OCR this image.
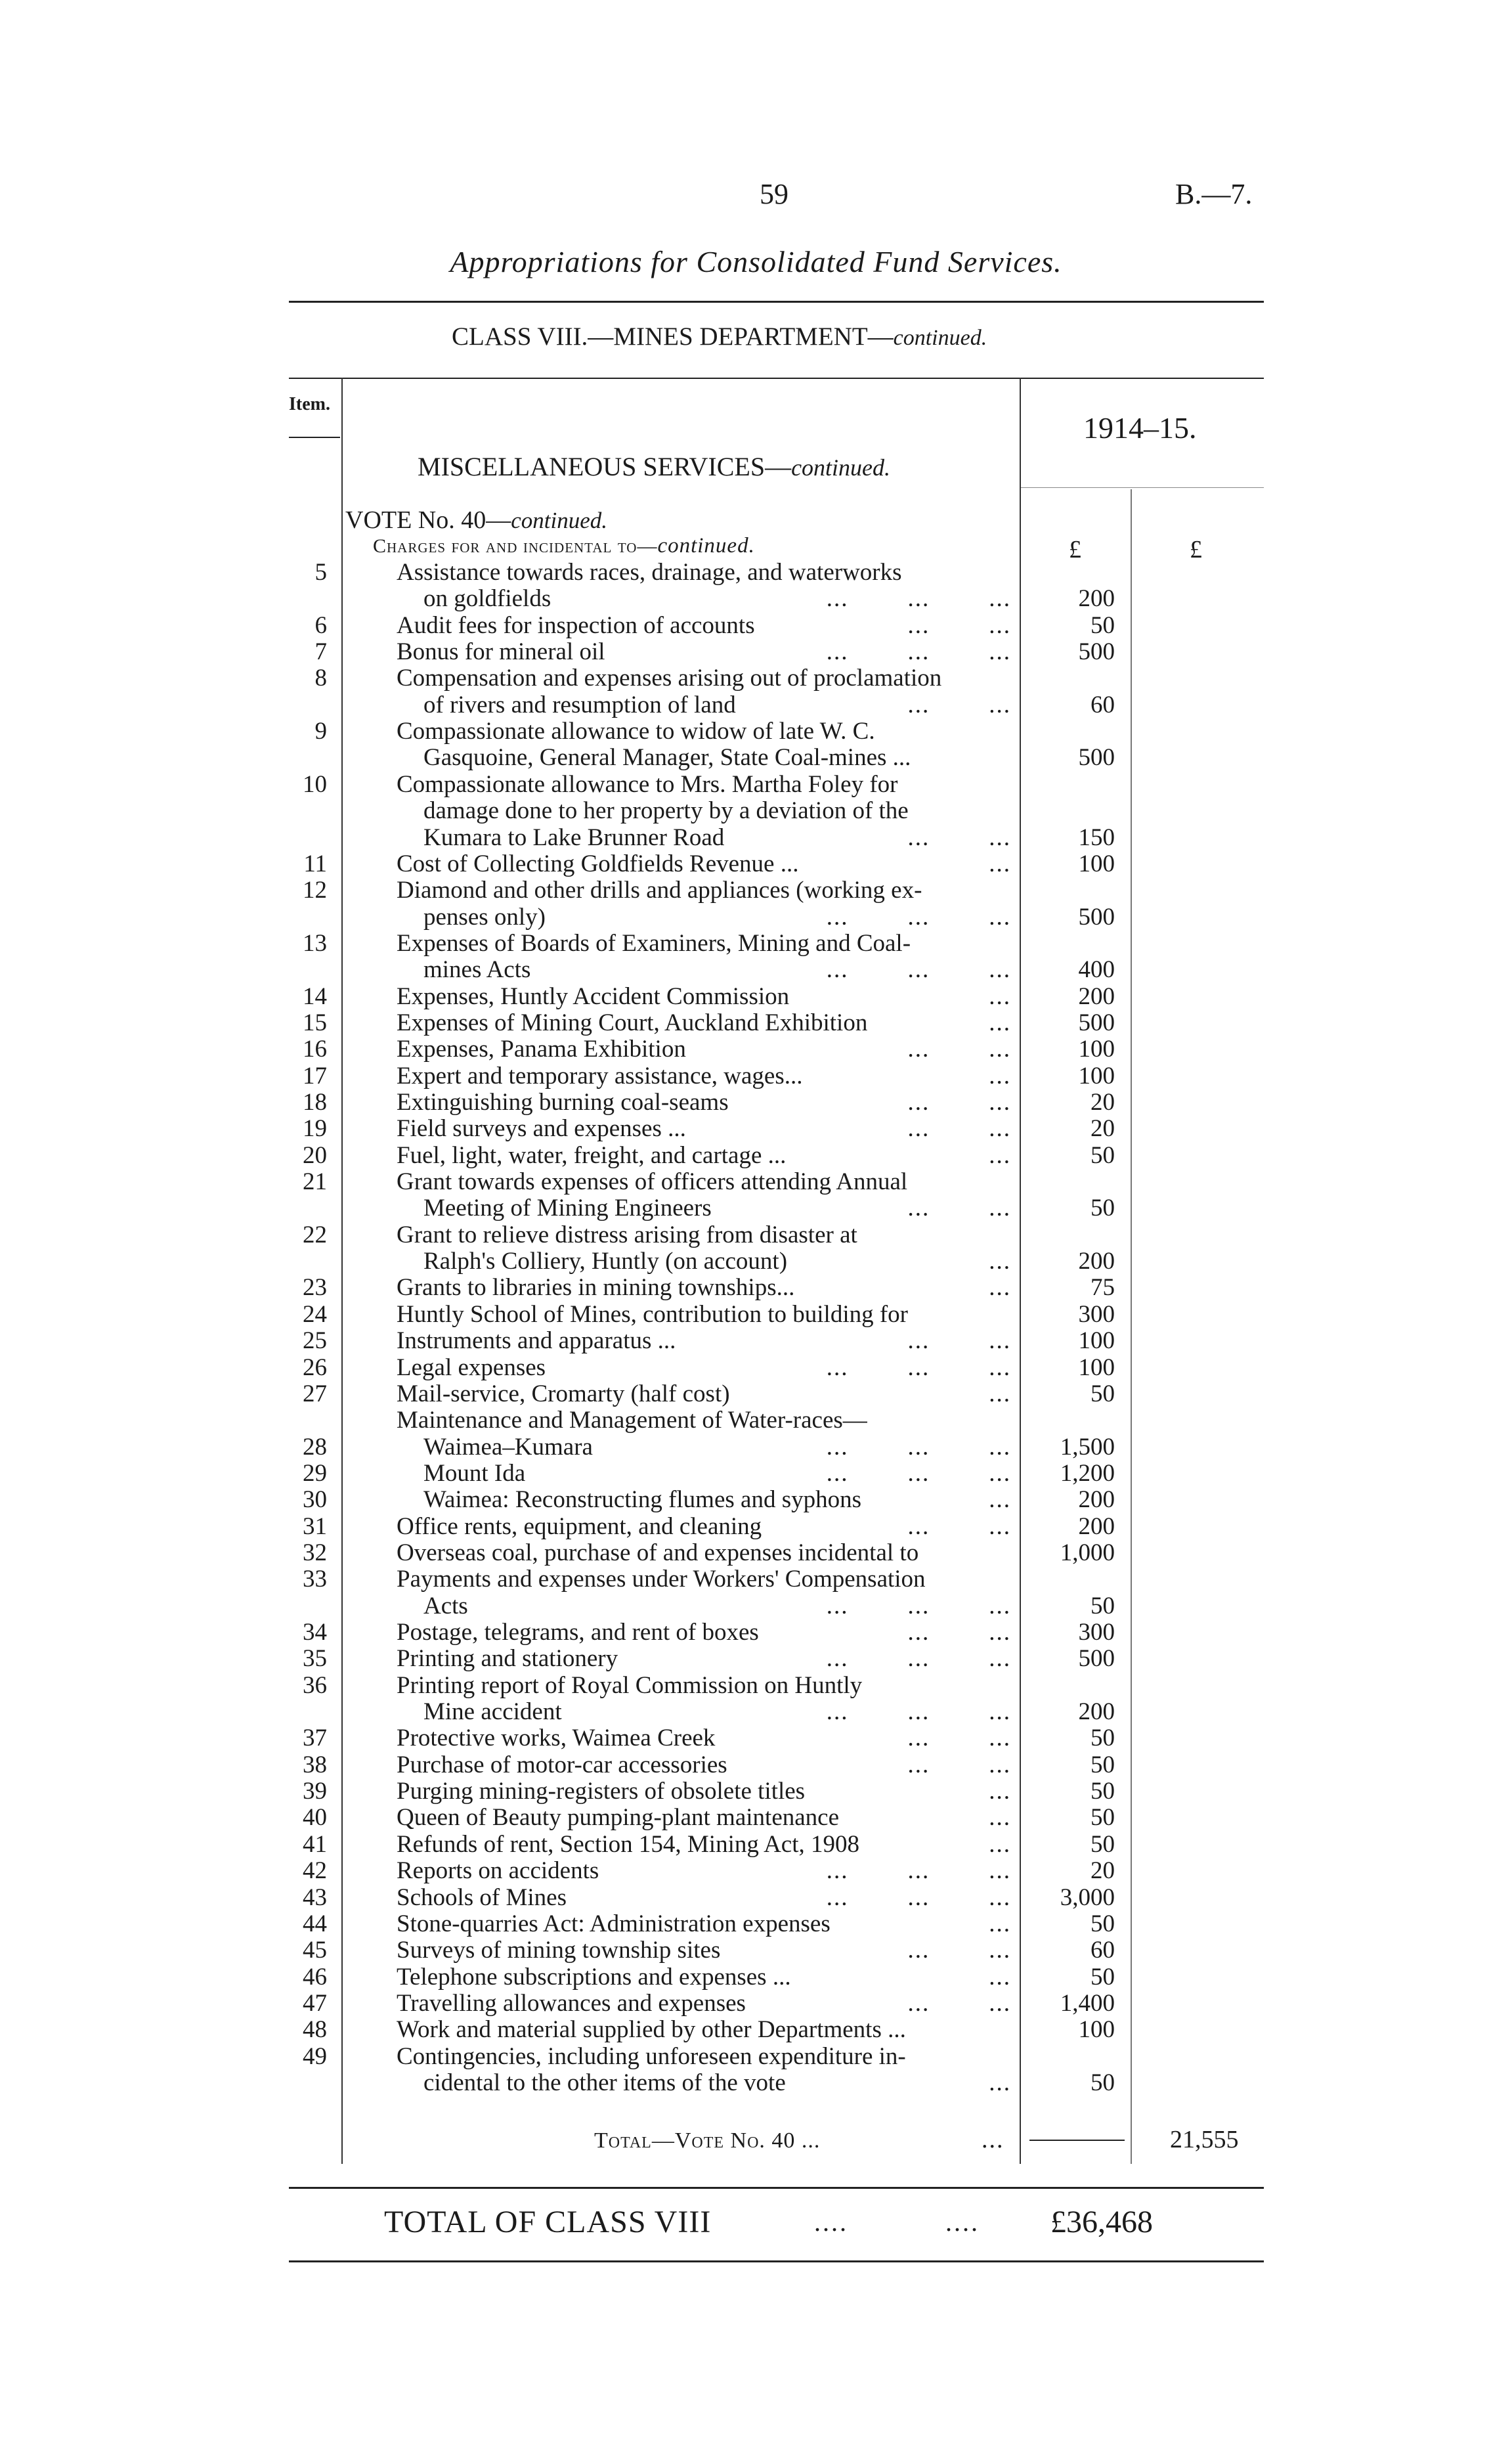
59	B.—7.
Appropriations for Consolidated Fund Services.
CLASS VIII.—MINES DEPARTMENT—continued.
Item.
1914–15.
MISCELLANEOUS SERVICES—continued.
VOTE No. 40—continued.
Charges for and incidental to—continued.	£	£
5	Assistance towards races, drainage, and waterworks
on goldfields	...        ...        ...	200
6	Audit fees for inspection of accounts	...        ...	50
7	Bonus for mineral oil	...        ...        ...	500
8	Compensation and expenses arising out of proclamation
of rivers and resumption of land	...        ...	60
9	Compassionate allowance to widow of late W. C.
Gasquoine, General Manager, State Coal-mines ...	500
10	Compassionate allowance to Mrs. Martha Foley for
damage done to her property by a deviation of the
Kumara to Lake Brunner Road	...        ...	150
11	Cost of Collecting Goldfields Revenue ...	...	100
12	Diamond and other drills and appliances (working ex-
penses only)	...        ...        ...	500
13	Expenses of Boards of Examiners, Mining and Coal-
mines Acts	...        ...        ...	400
14	Expenses, Huntly Accident Commission	...	200
15	Expenses of Mining Court, Auckland Exhibition	...	500
16	Expenses, Panama Exhibition	...        ...	100
17	Expert and temporary assistance, wages...	...	100
18	Extinguishing burning coal-seams	...        ...	20
19	Field surveys and expenses ...	...        ...	20
20	Fuel, light, water, freight, and cartage ...	...	50
21	Grant towards expenses of officers attending Annual
Meeting of Mining Engineers	...        ...	50
22	Grant to relieve distress arising from disaster at
Ralph's Colliery, Huntly (on account)	...	200
23	Grants to libraries in mining townships...	...	75
24	Huntly School of Mines, contribution to building for	300
25	Instruments and apparatus ...	...        ...	100
26	Legal expenses	...        ...        ...	100
27	Mail-service, Cromarty (half cost)	...	50
Maintenance and Management of Water-races—
28	Waimea–Kumara	...        ...        ...	1,500
29	Mount Ida	...        ...        ...	1,200
30	Waimea: Reconstructing flumes and syphons	...	200
31	Office rents, equipment, and cleaning	...        ...	200
32	Overseas coal, purchase of and expenses incidental to	1,000
33	Payments and expenses under Workers' Compensation
Acts	...        ...        ...	50
34	Postage, telegrams, and rent of boxes	...        ...	300
35	Printing and stationery	...        ...        ...	500
36	Printing report of Royal Commission on Huntly
Mine accident	...        ...        ...	200
37	Protective works, Waimea Creek	...        ...	50
38	Purchase of motor-car accessories	...        ...	50
39	Purging mining-registers of obsolete titles	...	50
40	Queen of Beauty pumping-plant maintenance	...	50
41	Refunds of rent, Section 154, Mining Act, 1908	...	50
42	Reports on accidents	...        ...        ...	20
43	Schools of Mines	...        ...        ...	3,000
44	Stone-quarries Act: Administration expenses	...	50
45	Surveys of mining township sites	...        ...	60
46	Telephone subscriptions and expenses ...	...	50
47	Travelling allowances and expenses	...        ...	1,400
48	Work and material supplied by other Departments ...	100
49	Contingencies, including unforeseen expenditure in-
cidental to the other items of the vote	...	50
Total—Vote No. 40 ...	...	21,555
TOTAL OF CLASS VIII	....	.... £36,468
